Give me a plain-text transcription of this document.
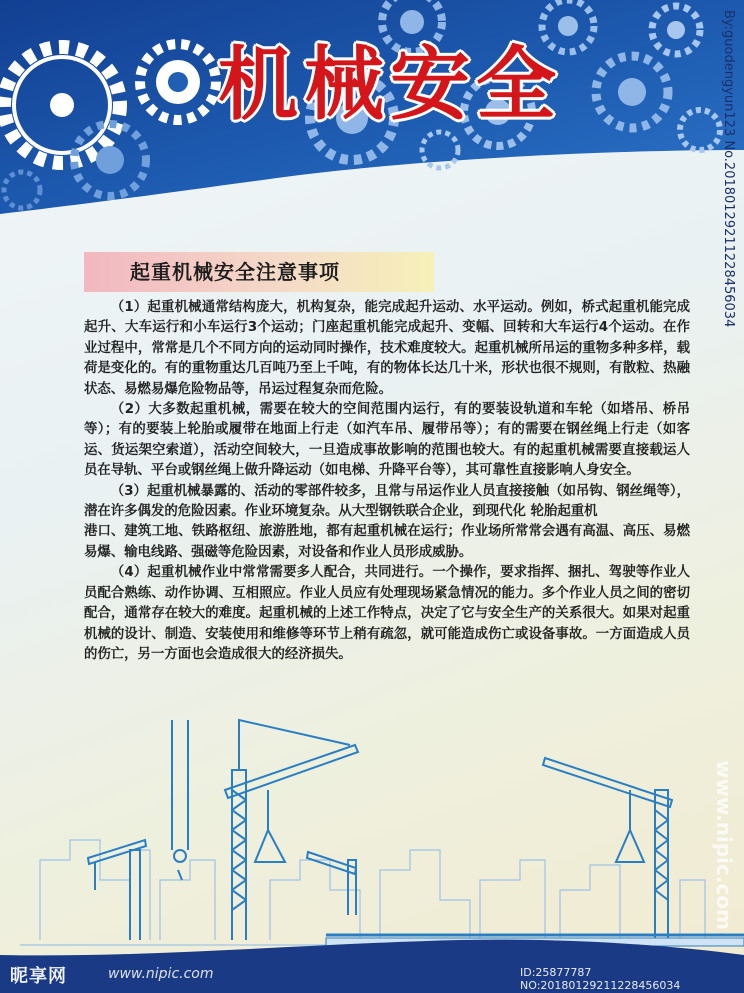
机械安全
起重机械安全注意事项

（1）起重机械通常结构庞大，机构复杂，能完成起升运动、水平运动。例如，桥式起重机能完成起升、大车运行和小车运行3个运动；门座起重机能完成起升、变幅、回转和大车运行4个运动。在作业过程中，常常是几个不同方向的运动同时操作，技术难度较大。起重机械所吊运的重物多种多样，载荷是变化的。有的重物重达几百吨乃至上千吨，有的物体长达几十米，形状也很不规则，有散粒、热融状态、易燃易爆危险物品等，吊运过程复杂而危险。

（2）大多数起重机械，需要在较大的空间范围内运行，有的要装设轨道和车轮（如塔吊、桥吊等）；有的要装上轮胎或履带在地面上行走（如汽车吊、履带吊等）；有的需要在钢丝绳上行走（如客运、货运架空索道），活动空间较大，一旦造成事故影响的范围也较大。有的起重机械需要直接载运人员在导轨、平台或钢丝绳上做升降运动（如电梯、升降平台等），其可靠性直接影响人身安全。

（3）起重机械暴露的、活动的零部件较多，且常与吊运作业人员直接接触（如吊钩、钢丝绳等），潜在许多偶发的危险因素。作业环境复杂。从大型钢铁联合企业，到现代化 轮胎起重机

港口、建筑工地、铁路枢纽、旅游胜地，都有起重机械在运行；作业场所常常会遇有高温、高压、易燃易爆、输电线路、强磁等危险因素，对设备和作业人员形成威胁。

（4）起重机械作业中常常需要多人配合，共同进行。一个操作，要求指挥、捆扎、驾驶等作业人员配合熟练、动作协调、互相照应。作业人员应有处理现场紧急情况的能力。多个作业人员之间的密切配合，通常存在较大的难度。起重机械的上述工作特点，决定了它与安全生产的关系很大。如果对起重机械的设计、制造、安装使用和维修等环节上稍有疏忽，就可能造成伤亡或设备事故。一方面造成人员的伤亡，另一方面也会造成很大的经济损失。

By:guodengyun123 No.20180129211228456034
www.nipic.com
昵享网	www.nipic.com	ID:25877787 NO:20180129211228456034
